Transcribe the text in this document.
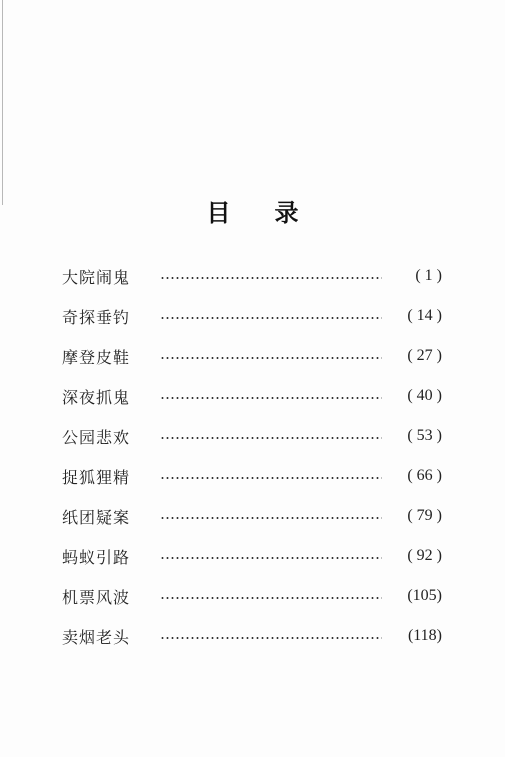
目 录
大院闹鬼	( 1 )
奇探垂钓	( 14 )
摩登皮鞋	( 27 )
深夜抓鬼	( 40 )
公园悲欢	( 53 )
捉狐狸精	( 66 )
纸团疑案	( 79 )
蚂蚁引路	( 92 )
机票风波	(105)
卖烟老头	(118)
